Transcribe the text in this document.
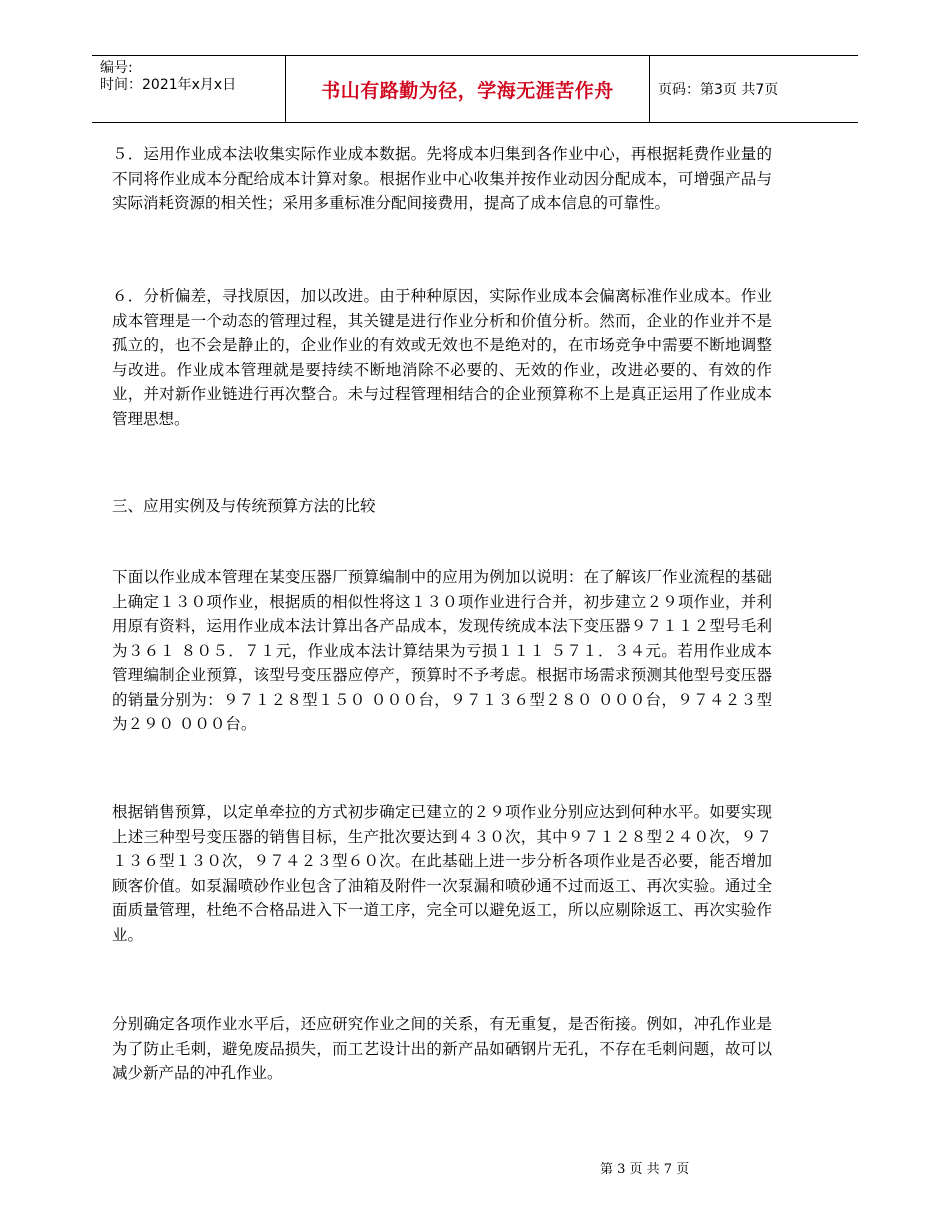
编号:
时间：2021年x月x日	书山有路勤为径，学海无涯苦作舟	页码：第3页 共7页

５．运用作业成本法收集实际作业成本数据。先将成本归集到各作业中心，再根据耗费作业量的不同将作业成本分配给成本计算对象。根据作业中心收集并按作业动因分配成本，可增强产品与实际消耗资源的相关性；采用多重标准分配间接费用，提高了成本信息的可靠性。

６．分析偏差，寻找原因，加以改进。由于种种原因，实际作业成本会偏离标准作业成本。作业成本管理是一个动态的管理过程，其关键是进行作业分析和价值分析。然而，企业的作业并不是孤立的，也不会是静止的，企业作业的有效或无效也不是绝对的，在市场竞争中需要不断地调整与改进。作业成本管理就是要持续不断地消除不必要的、无效的作业，改进必要的、有效的作业，并对新作业链进行再次整合。未与过程管理相结合的企业预算称不上是真正运用了作业成本管理思想。

三、应用实例及与传统预算方法的比较

下面以作业成本管理在某变压器厂预算编制中的应用为例加以说明：在了解该厂作业流程的基础上确定１３０项作业，根据质的相似性将这１３０项作业进行合并，初步建立２９项作业，并利用原有资料，运用作业成本法计算出各产品成本，发现传统成本法下变压器９７１１２型号毛利为３６１ ８０５．７１元，作业成本法计算结果为亏损１１１ ５７１．３４元。若用作业成本管理编制企业预算，该型号变压器应停产，预算时不予考虑。根据市场需求预测其他型号变压器的销量分别为：９７１２８型１５０ ０００台，９７１３６型２８０ ０００台，９７４２３型为２９０ ０００台。

根据销售预算，以定单牵拉的方式初步确定已建立的２９项作业分别应达到何种水平。如要实现上述三种型号变压器的销售目标，生产批次要达到４３０次，其中９７１２８型２４０次，９７１３６型１３０次，９７４２３型６０次。在此基础上进一步分析各项作业是否必要，能否增加顾客价值。如泵漏喷砂作业包含了油箱及附件一次泵漏和喷砂通不过而返工、再次实验。通过全面质量管理，杜绝不合格品进入下一道工序，完全可以避免返工，所以应剔除返工、再次实验作业。

分别确定各项作业水平后，还应研究作业之间的关系，有无重复，是否衔接。例如，冲孔作业是为了防止毛刺，避免废品损失，而工艺设计出的新产品如硒钢片无孔，不存在毛刺问题，故可以减少新产品的冲孔作业。

第 3 页 共 7 页
